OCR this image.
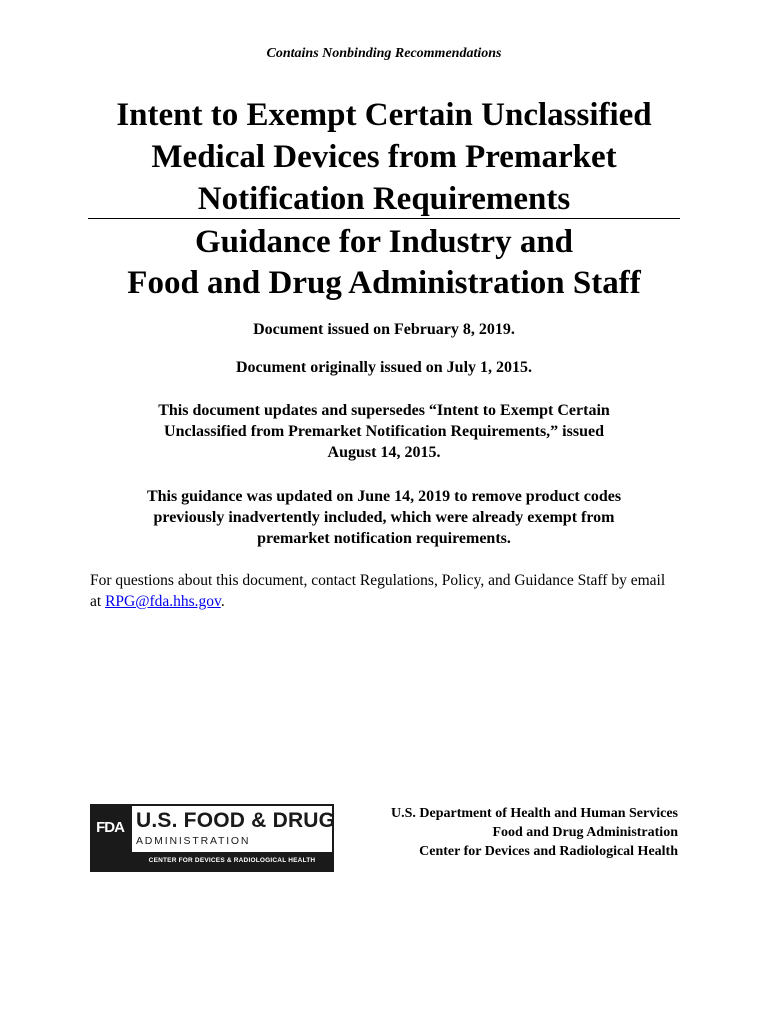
Contains Nonbinding Recommendations
Intent to Exempt Certain Unclassified
Medical Devices from Premarket
Notification Requirements
Guidance for Industry and
Food and Drug Administration Staff

Document issued on February 8, 2019.

Document originally issued on July 1, 2015.

This document updates and supersedes “Intent to Exempt Certain
Unclassified from Premarket Notification Requirements,” issued
August 14, 2015.

This guidance was updated on June 14, 2019 to remove product codes
previously inadvertently included, which were already exempt from
premarket notification requirements.

For questions about this document, contact Regulations, Policy, and Guidance Staff by email at RPG@fda.hhs.gov.

FDA U.S. FOOD & DRUG
ADMINISTRATION
CENTER FOR DEVICES & RADIOLOGICAL HEALTH
U.S. Department of Health and Human Services
Food and Drug Administration
Center for Devices and Radiological Health
